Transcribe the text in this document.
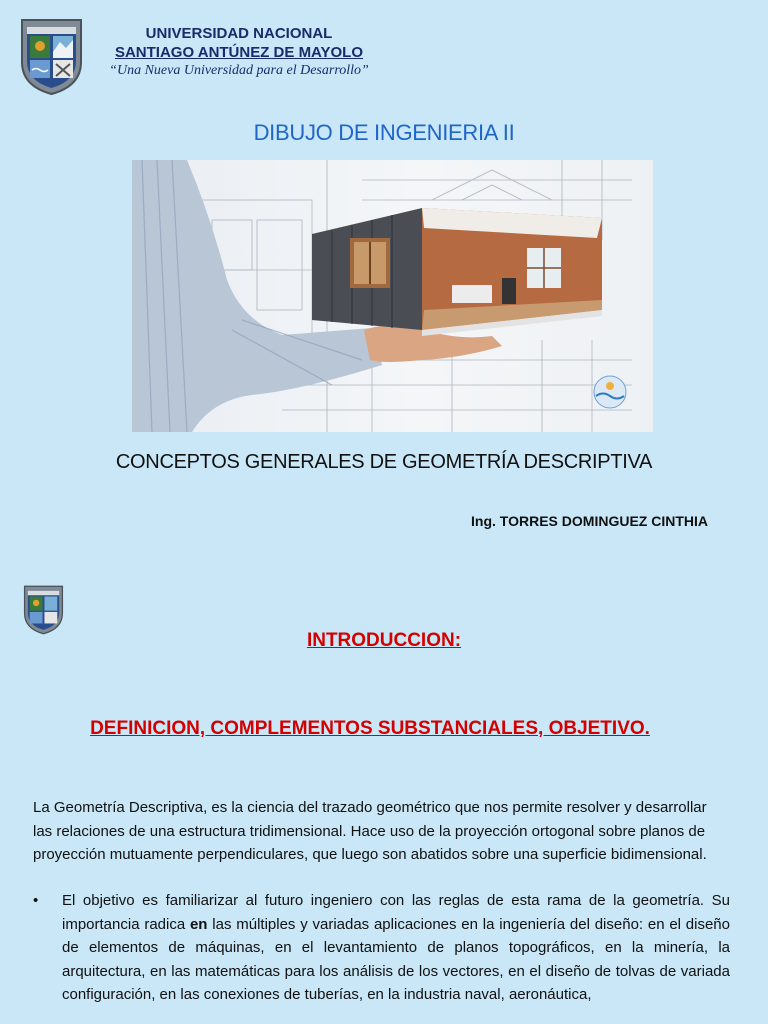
UNIVERSIDAD NACIONAL
SANTIAGO ANTÚNEZ DE MAYOLO
“Una Nueva Universidad para el Desarrollo”
DIBUJO DE INGENIERIA II
CONCEPTOS GENERALES DE GEOMETRÍA DESCRIPTIVA
Ing. TORRES DOMINGUEZ CINTHIA
INTRODUCCION:
DEFINICION, COMPLEMENTOS SUBSTANCIALES, OBJETIVO.
La Geometría Descriptiva, es la ciencia del trazado geométrico que nos permite resolver y desarrollar las relaciones de una estructura tridimensional. Hace uso de la proyección ortogonal sobre planos de proyección mutuamente perpendiculares, que luego son abatidos sobre una superficie bidimensional.
• El objetivo es familiarizar al futuro ingeniero con las reglas de esta rama de la geometría. Su importancia radica en las múltiples y variadas aplicaciones en la ingeniería del diseño: en el diseño de elementos de máquinas, en el levantamiento de planos topográficos, en la minería, la arquitectura, en las matemáticas para los análisis de los vectores, en el diseño de tolvas de variada configuración, en las conexiones de tuberías, en la industria naval, aeronáutica,
